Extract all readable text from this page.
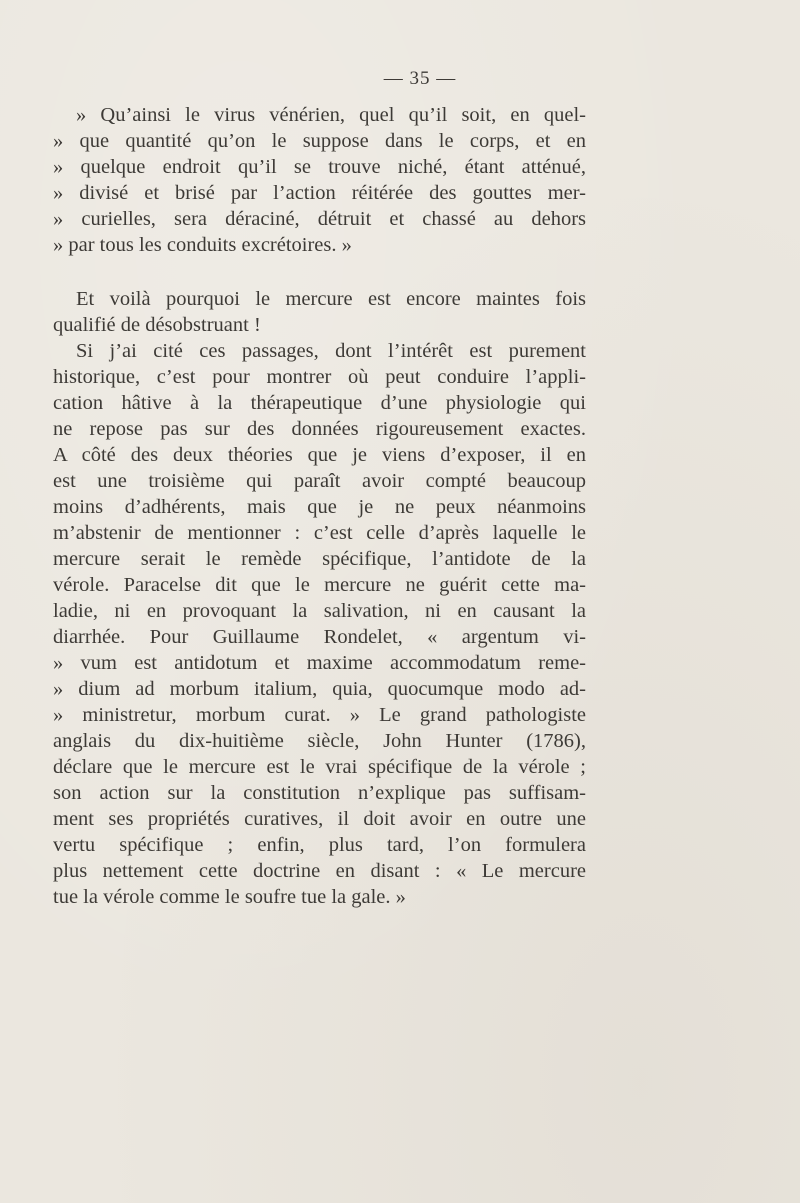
— 35 —
» Qu’ainsi le virus vénérien, quel qu’il soit, en quel-
» que quantité qu’on le suppose dans le corps, et en
» quelque endroit qu’il se trouve niché, étant atténué,
» divisé et brisé par l’action réitérée des gouttes mer-
» curielles, sera déraciné, détruit et chassé au dehors
» par tous les conduits excrétoires. »
Et voilà pourquoi le mercure est encore maintes fois
qualifié de désobstruant !
Si j’ai cité ces passages, dont l’intérêt est purement
historique, c’est pour montrer où peut conduire l’appli-
cation hâtive à la thérapeutique d’une physiologie qui
ne repose pas sur des données rigoureusement exactes.
A côté des deux théories que je viens d’exposer, il en
est une troisième qui paraît avoir compté beaucoup
moins d’adhérents, mais que je ne peux néanmoins
m’abstenir de mentionner : c’est celle d’après laquelle le
mercure serait le remède spécifique, l’antidote de la
vérole. Paracelse dit que le mercure ne guérit cette ma-
ladie, ni en provoquant la salivation, ni en causant la
diarrhée. Pour Guillaume Rondelet, « argentum vi-
» vum est antidotum et maxime accommodatum reme-
» dium ad morbum italium, quia, quocumque modo ad-
» ministretur, morbum curat. » Le grand pathologiste
anglais du dix-huitième siècle, John Hunter (1786),
déclare que le mercure est le vrai spécifique de la vérole ;
son action sur la constitution n’explique pas suffisam-
ment ses propriétés curatives, il doit avoir en outre une
vertu spécifique ; enfin, plus tard, l’on formulera
plus nettement cette doctrine en disant : « Le mercure
tue la vérole comme le soufre tue la gale. »
